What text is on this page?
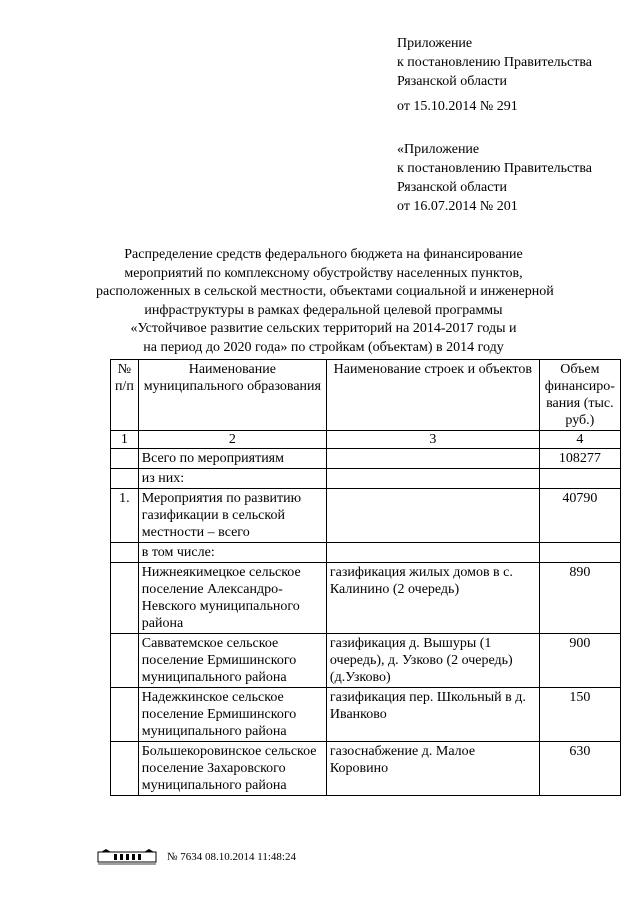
Приложение
к постановлению Правительства
Рязанской области
от 15.10.2014 № 291
«Приложение
к постановлению Правительства
Рязанской области
от 16.07.2014 № 201
Распределение средств федерального бюджета на финансирование
мероприятий по комплексному обустройству населенных пунктов,
расположенных в сельской местности, объектами социальной и инженерной
инфраструктуры в рамках федеральной целевой программы
«Устойчивое развитие сельских территорий на 2014-2017 годы и
на период до 2020 года» по стройкам (объектам) в 2014 году
№ п/п	Наименование муниципального образования	Наименование строек и объектов	Объем финансиро-вания (тыс. руб.)
1	2	3	4
	Всего по мероприятиям		108277
	из них:		
1.	Мероприятия по развитию газификации в сельской местности – всего		40790
	в том числе:		
	Нижнеякимецкое сельское поселение Александро-Невского муниципального района	газификация жилых домов в с. Калинино (2 очередь)	890
	Савватемское сельское поселение Ермишинского муниципального района	газификация д. Вышуры (1 очередь), д. Узково (2 очередь) (д.Узково)	900
	Надежкинское сельское поселение Ермишинского муниципального района	газификация пер. Школьный в д. Иванково	150
	Большекоровинское сельское поселение Захаровского муниципального района	газоснабжение д. Малое Коровино	630
№ 7634 08.10.2014 11:48:24
